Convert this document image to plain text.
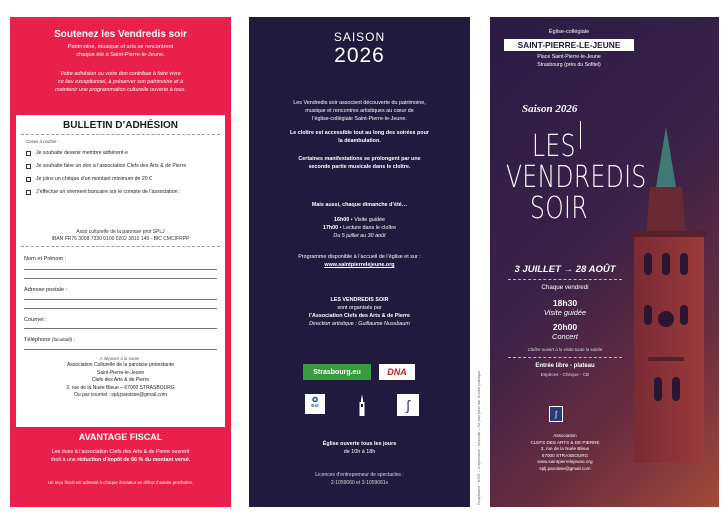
Soutenez les Vendredis soir
Patrimoine, musique et arts se rencontrent
chaque été à Saint-Pierre-le-Jeune.
Votre adhésion ou votre don contribue à faire vivre
ce lieu exceptionnel, à préserver son patrimoine et à
maintenir une programmation culturelle ouverte à tous.
BULLETIN D’ADHÉSION
Cases à cocher :
Je souhaite devenir membre adhérent·e
Je souhaite faire un don à l’association Clefs des Arts & de Pierre
Je joins un chèque d’un montant minimum de 20 €
J’effectue un virement bancaire sur le compte de l’association :
Asso culturelle de la paroisse prot SPLJ
IBAN FR76 3008 7330 0100 0202 3810 149 - BIC CMCIFRPP
Nom et Prénom :
Adresse postale :
Courriel :
Téléphone (facultatif) :
À déposer à la sortie :
Association Culturelle de la paroisse protestante
Saint-Pierre-le-Jeune
Clefs des Arts & de Pierre
3, rue de la Nuée Bleue – 67000 STRASBOURG
Ou par courriel : splj.paroisse@gmail.com
AVANTAGE FISCAL
Les dons à l’association Clefs des Arts & de Pierre ouvrent
droit à une réduction d’impôt de 66 % du montant versé.
Un reçu fiscal est adressé à chaque donateur en début d’année prochaine.
SAISON
2026
Les Vendredis soir associent découverte du patrimoine,
musique et rencontres artistiques au cœur de
l’église-collégiale Saint-Pierre-le-Jeune.
Le cloître est accessible tout au long des soirées pour
la déambulation.
Certaines manifestations se prolongent par une
seconde partie musicale dans le cloître.
Mais aussi, chaque dimanche d’été…
16h00 • Visite guidée
17h00 • Lecture dans le cloître
Du 5 juillet au 30 août
Programme disponible à l’accueil de l’église et sur :
www.saintpierrelejeune.org
LES VENDREDIS SOIR
sont organisés par
l’Association Clefs des Arts & de Pierre
Direction artistique : Guillaume Nussbaum
Strasbourg.eu	DNA
✪
Est	ʃ
Église ouverte tous les jours
de 10h à 18h
Licences d’entrepreneur de spectacles :
2-1059060 et 3-1059061v
Église-collégiale
SAINT-PIERRE-LE-JEUNE
Place Saint-Pierre-le-Jeune
Strasbourg (près du Sofitel)
Saison 2026
LES
VENDREDIS
SOIR
3 JUILLET → 28 AOÛT
Chaque vendredi
18h30
Visite guidée
20h00
Concert
Cloître ouvert à la visite toute la soirée
Entrée libre - plateau
Espèces - Chèque - CB
ʃ
Association
CLEFS DES ARTS & DE PIERRE
3, rue de la Nuée Bleue
67000 STRASBOURG
www.saintpierrelejeune.org
splj.paroisse@gmail.com
Graphisme : KOG – Impression : vesomk – Ne pas jeter sur la voie publique
